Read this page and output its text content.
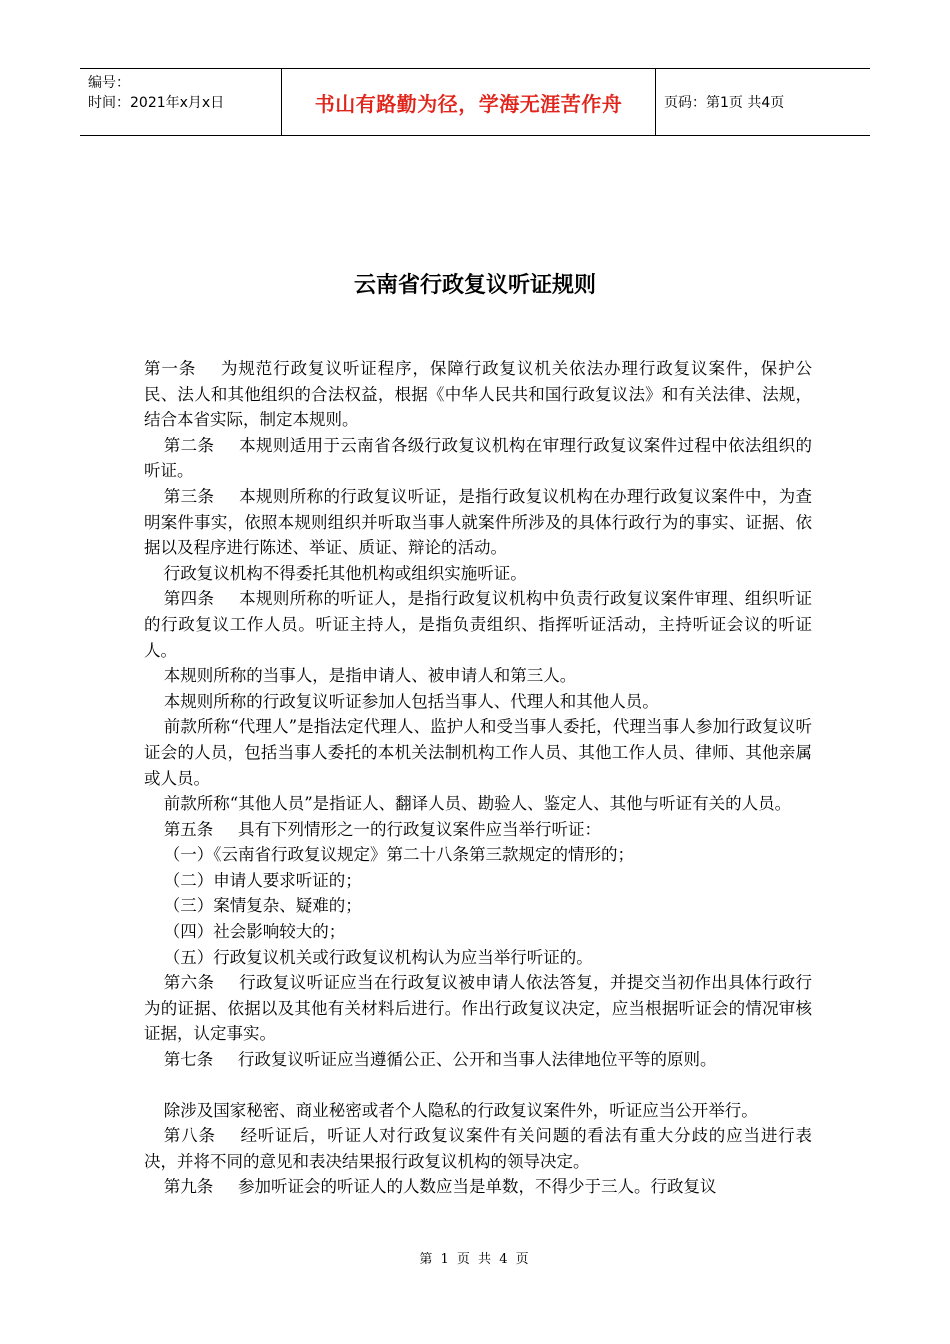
编号：
时间：2021年x月x日	书山有路勤为径，学海无涯苦作舟	页码：第1页 共4页
云南省行政复议听证规则

第一条 为规范行政复议听证程序，保障行政复议机关依法办理行政复议案件，保护公民、法人和其他组织的合法权益，根据《中华人民共和国行政复议法》和有关法律、法规，结合本省实际，制定本规则。

第二条 本规则适用于云南省各级行政复议机构在审理行政复议案件过程中依法组织的听证。

第三条 本规则所称的行政复议听证，是指行政复议机构在办理行政复议案件中，为查明案件事实，依照本规则组织并听取当事人就案件所涉及的具体行政行为的事实、证据、依据以及程序进行陈述、举证、质证、辩论的活动。

行政复议机构不得委托其他机构或组织实施听证。

第四条 本规则所称的听证人，是指行政复议机构中负责行政复议案件审理、组织听证的行政复议工作人员。听证主持人，是指负责组织、指挥听证活动，主持听证会议的听证人。

本规则所称的当事人，是指申请人、被申请人和第三人。

本规则所称的行政复议听证参加人包括当事人、代理人和其他人员。

前款所称“代理人”是指法定代理人、监护人和受当事人委托，代理当事人参加行政复议听证会的人员，包括当事人委托的本机关法制机构工作人员、其他工作人员、律师、其他亲属或人员。

前款所称“其他人员”是指证人、翻译人员、勘验人、鉴定人、其他与听证有关的人员。

第五条 具有下列情形之一的行政复议案件应当举行听证：

（一）《云南省行政复议规定》第二十八条第三款规定的情形的；

（二）申请人要求听证的；

（三）案情复杂、疑难的；

（四）社会影响较大的；

（五）行政复议机关或行政复议机构认为应当举行听证的。

第六条 行政复议听证应当在行政复议被申请人依法答复，并提交当初作出具体行政行为的证据、依据以及其他有关材料后进行。作出行政复议决定，应当根据听证会的情况审核证据，认定事实。

第七条 行政复议听证应当遵循公正、公开和当事人法律地位平等的原则。

除涉及国家秘密、商业秘密或者个人隐私的行政复议案件外，听证应当公开举行。

第八条 经听证后，听证人对行政复议案件有关问题的看法有重大分歧的应当进行表决，并将不同的意见和表决结果报行政复议机构的领导决定。

第九条 参加听证会的听证人的人数应当是单数，不得少于三人。行政复议

第 1 页 共 4 页
